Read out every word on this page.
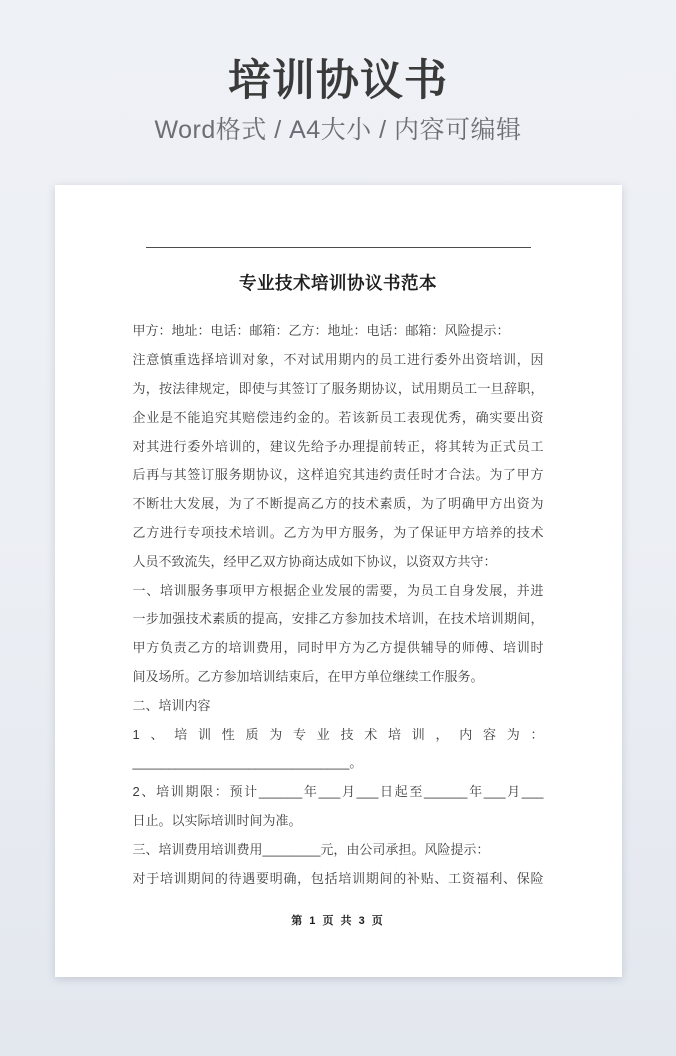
培训协议书
Word格式 / A4大小 / 内容可编辑
专业技术培训协议书范本
甲方：地址：电话：邮箱：乙方：地址：电话：邮箱：风险提示：
注意慎重选择培训对象，不对试用期内的员工进行委外出资培训，因
为，按法律规定，即使与其签订了服务期协议，试用期员工一旦辞职，
企业是不能追究其赔偿违约金的。若该新员工表现优秀，确实要出资
对其进行委外培训的，建议先给予办理提前转正，将其转为正式员工
后再与其签订服务期协议，这样追究其违约责任时才合法。为了甲方
不断壮大发展，为了不断提高乙方的技术素质，为了明确甲方出资为
乙方进行专项技术培训。乙方为甲方服务，为了保证甲方培养的技术
人员不致流失，经甲乙双方协商达成如下协议，以资双方共守：
一、培训服务事项甲方根据企业发展的需要，为员工自身发展，并进
一步加强技术素质的提高，安排乙方参加技术培训，在技术培训期间，
甲方负责乙方的培训费用，同时甲方为乙方提供辅导的师傅、培训时
间及场所。乙方参加培训结束后，在甲方单位继续工作服务。
二、培训内容
1、培训性质为专业技术培训，内容为：
______________________________。
2、培训期限：预计______年___月___日起至______年___月___
日止。以实际培训时间为准。
三、培训费用培训费用________元，由公司承担。风险提示：
对于培训期间的待遇要明确，包括培训期间的补贴、工资福利、保险
第 1 页 共 3 页
